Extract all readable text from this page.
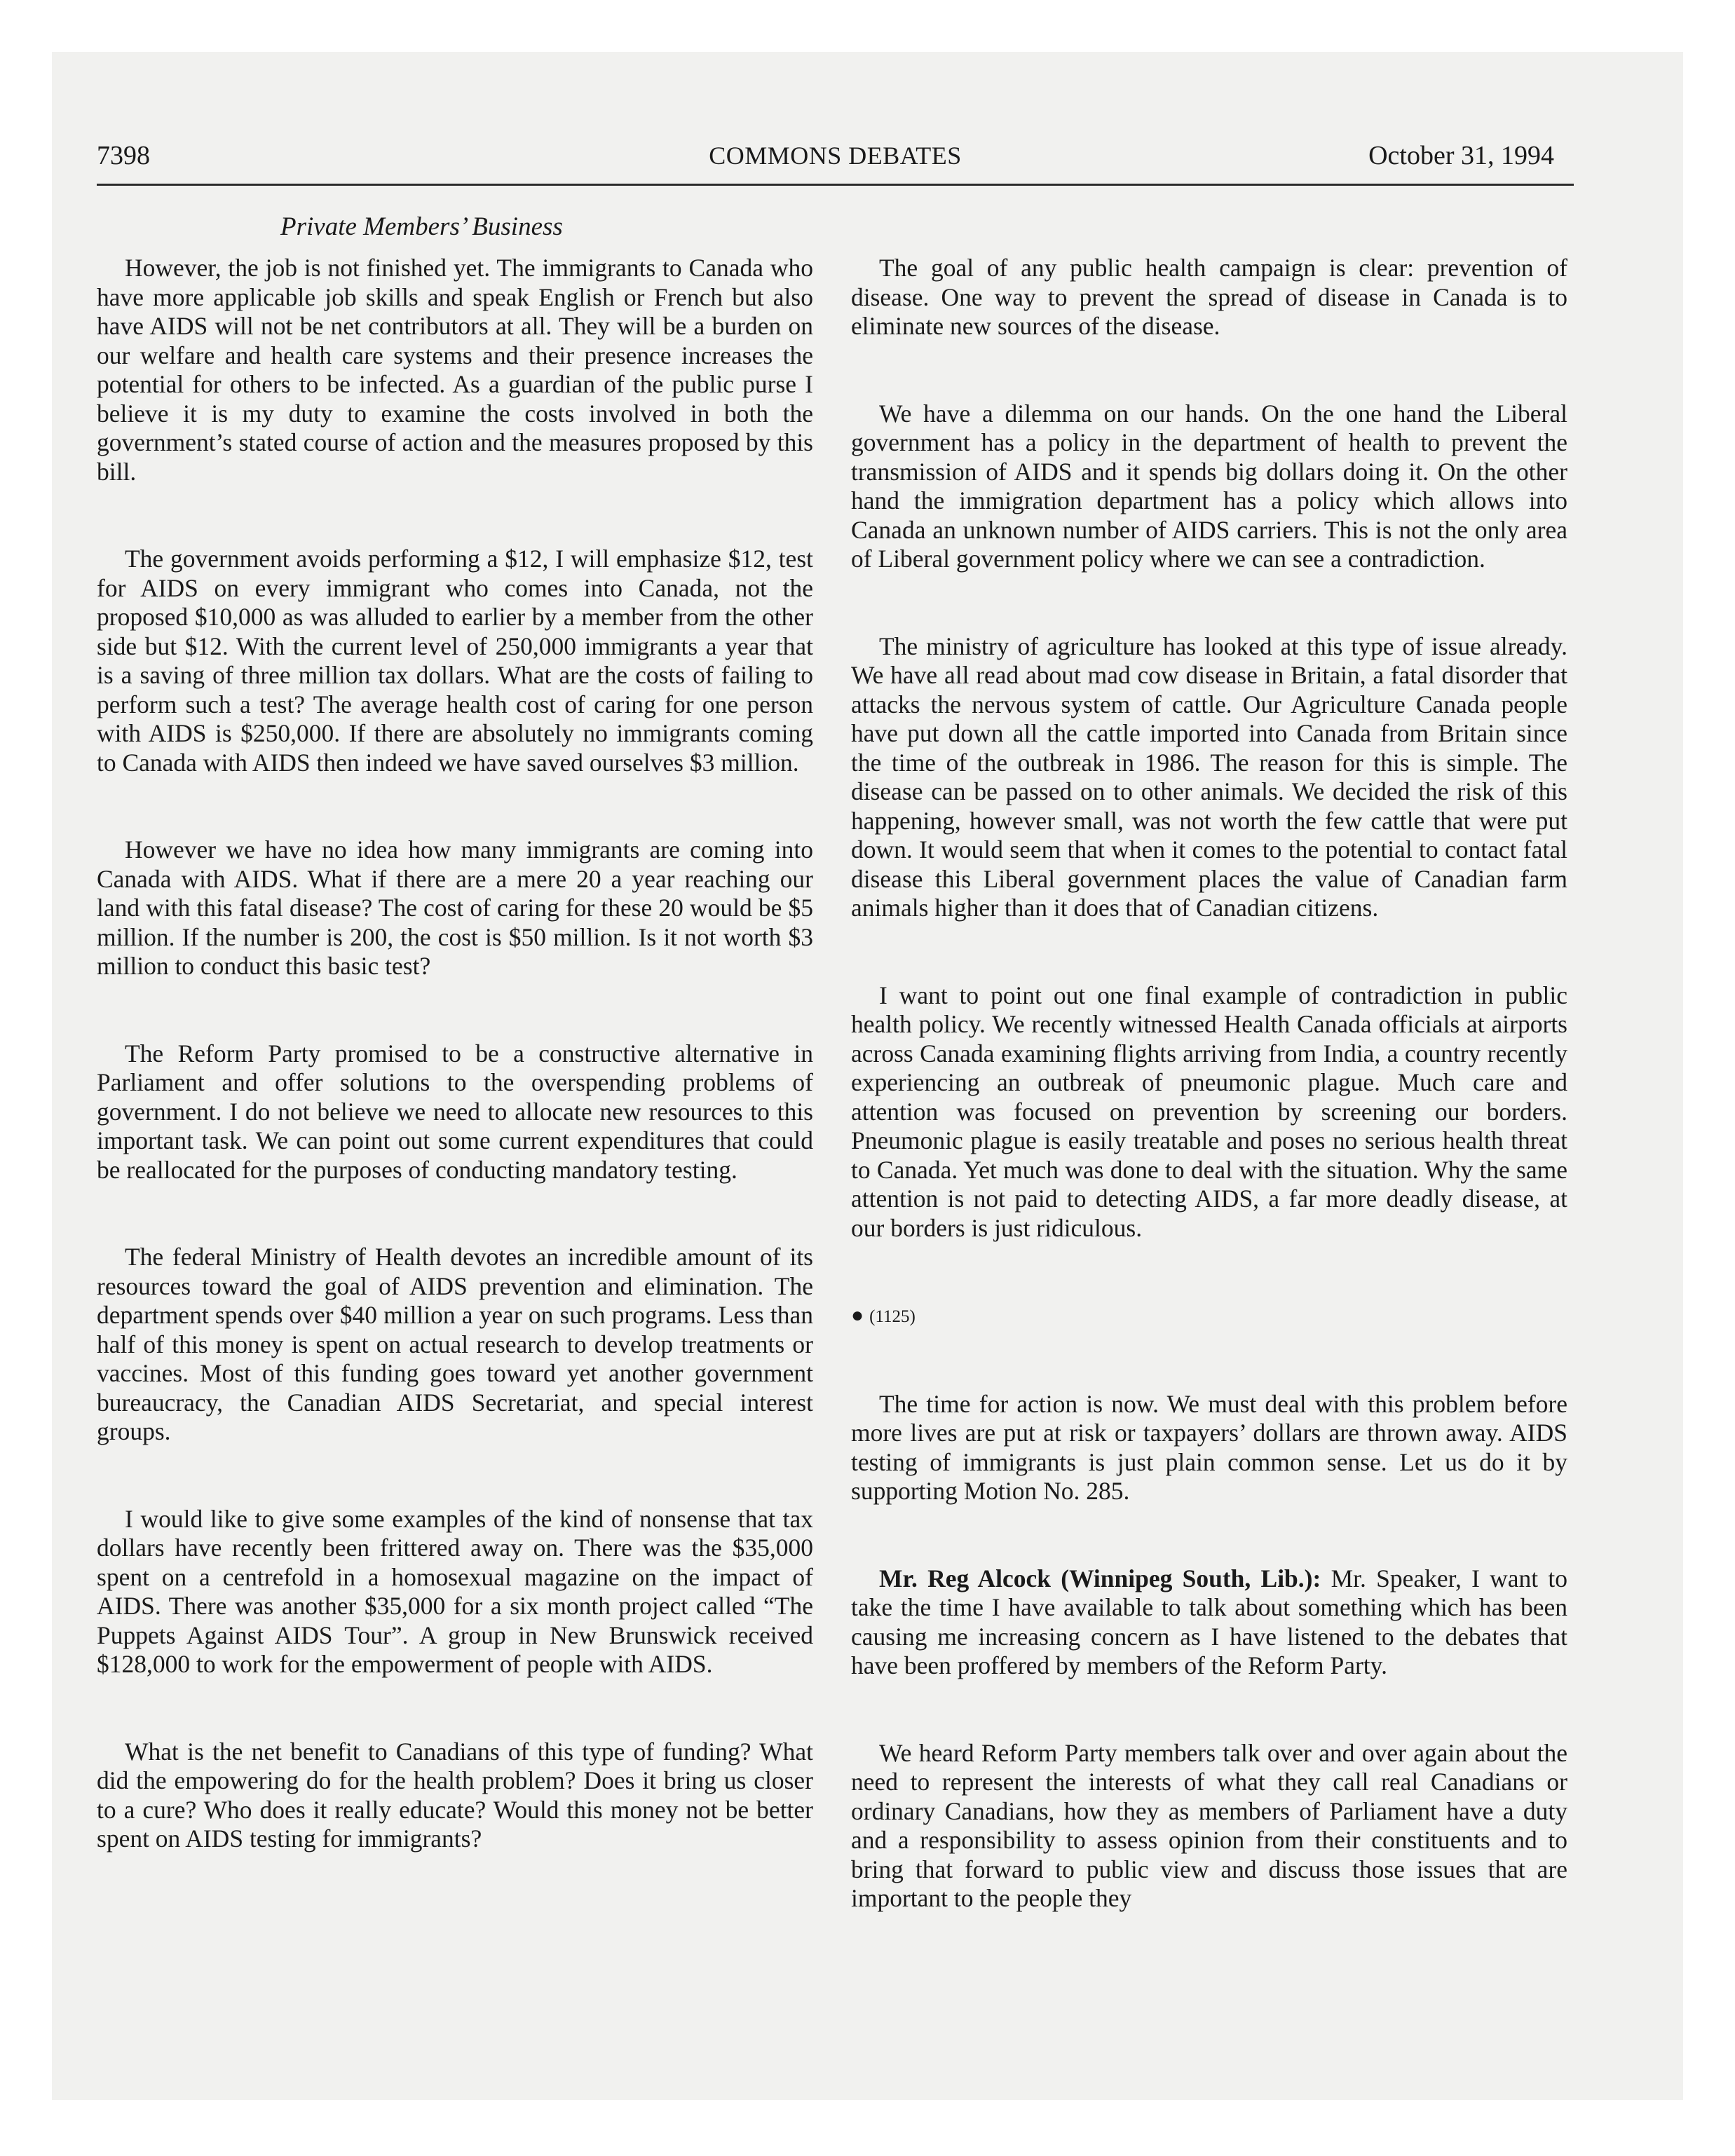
7398	COMMONS DEBATES	October 31, 1994
Private Members’ Business

However, the job is not finished yet. The immigrants to Canada who have more applicable job skills and speak English or French but also have AIDS will not be net contributors at all. They will be a burden on our welfare and health care systems and their presence increases the potential for others to be infected. As a guardian of the public purse I believe it is my duty to examine the costs involved in both the government’s stated course of action and the measures proposed by this bill.

The government avoids performing a $12, I will emphasize $12, test for AIDS on every immigrant who comes into Canada, not the proposed $10,000 as was alluded to earlier by a member from the other side but $12. With the current level of 250,000 immigrants a year that is a saving of three million tax dollars. What are the costs of failing to perform such a test? The average health cost of caring for one person with AIDS is $250,000. If there are absolutely no immigrants coming to Canada with AIDS then indeed we have saved ourselves $3 million.

However we have no idea how many immigrants are coming into Canada with AIDS. What if there are a mere 20 a year reaching our land with this fatal disease? The cost of caring for these 20 would be $5 million. If the number is 200, the cost is $50 million. Is it not worth $3 million to conduct this basic test?

The Reform Party promised to be a constructive alternative in Parliament and offer solutions to the overspending problems of government. I do not believe we need to allocate new resources to this important task. We can point out some current expenditures that could be reallocated for the purposes of conducting mandatory testing.

The federal Ministry of Health devotes an incredible amount of its resources toward the goal of AIDS prevention and elimination. The department spends over $40 million a year on such programs. Less than half of this money is spent on actual research to develop treatments or vaccines. Most of this funding goes toward yet another government bureaucracy, the Canadian AIDS Secretariat, and special interest groups.

I would like to give some examples of the kind of nonsense that tax dollars have recently been frittered away on. There was the $35,000 spent on a centrefold in a homosexual magazine on the impact of AIDS. There was another $35,000 for a six month project called “The Puppets Against AIDS Tour”. A group in New Brunswick received $128,000 to work for the empowerment of people with AIDS.

What is the net benefit to Canadians of this type of funding? What did the empowering do for the health problem? Does it bring us closer to a cure? Who does it really educate? Would this money not be better spent on AIDS testing for immigrants?

The goal of any public health campaign is clear: prevention of disease. One way to prevent the spread of disease in Canada is to eliminate new sources of the disease.

We have a dilemma on our hands. On the one hand the Liberal government has a policy in the department of health to prevent the transmission of AIDS and it spends big dollars doing it. On the other hand the immigration department has a policy which allows into Canada an unknown number of AIDS carriers. This is not the only area of Liberal government policy where we can see a contradiction.

The ministry of agriculture has looked at this type of issue already. We have all read about mad cow disease in Britain, a fatal disorder that attacks the nervous system of cattle. Our Agriculture Canada people have put down all the cattle imported into Canada from Britain since the time of the outbreak in 1986. The reason for this is simple. The disease can be passed on to other animals. We decided the risk of this happening, however small, was not worth the few cattle that were put down. It would seem that when it comes to the potential to contact fatal disease this Liberal government places the value of Canadian farm animals higher than it does that of Canadian citizens.

I want to point out one final example of contradiction in public health policy. We recently witnessed Health Canada officials at airports across Canada examining flights arriving from India, a country recently experiencing an outbreak of pneumonic plague. Much care and attention was focused on prevention by screening our borders. Pneumonic plague is easily treatable and poses no serious health threat to Canada. Yet much was done to deal with the situation. Why the same attention is not paid to detecting AIDS, a far more deadly disease, at our borders is just ridiculous.

● (1125)

The time for action is now. We must deal with this problem before more lives are put at risk or taxpayers’ dollars are thrown away. AIDS testing of immigrants is just plain common sense. Let us do it by supporting Motion No. 285.

Mr. Reg Alcock (Winnipeg South, Lib.): Mr. Speaker, I want to take the time I have available to talk about something which has been causing me increasing concern as I have listened to the debates that have been proffered by members of the Reform Party.

We heard Reform Party members talk over and over again about the need to represent the interests of what they call real Canadians or ordinary Canadians, how they as members of Parliament have a duty and a responsibility to assess opinion from their constituents and to bring that forward to public view and discuss those issues that are important to the people they
